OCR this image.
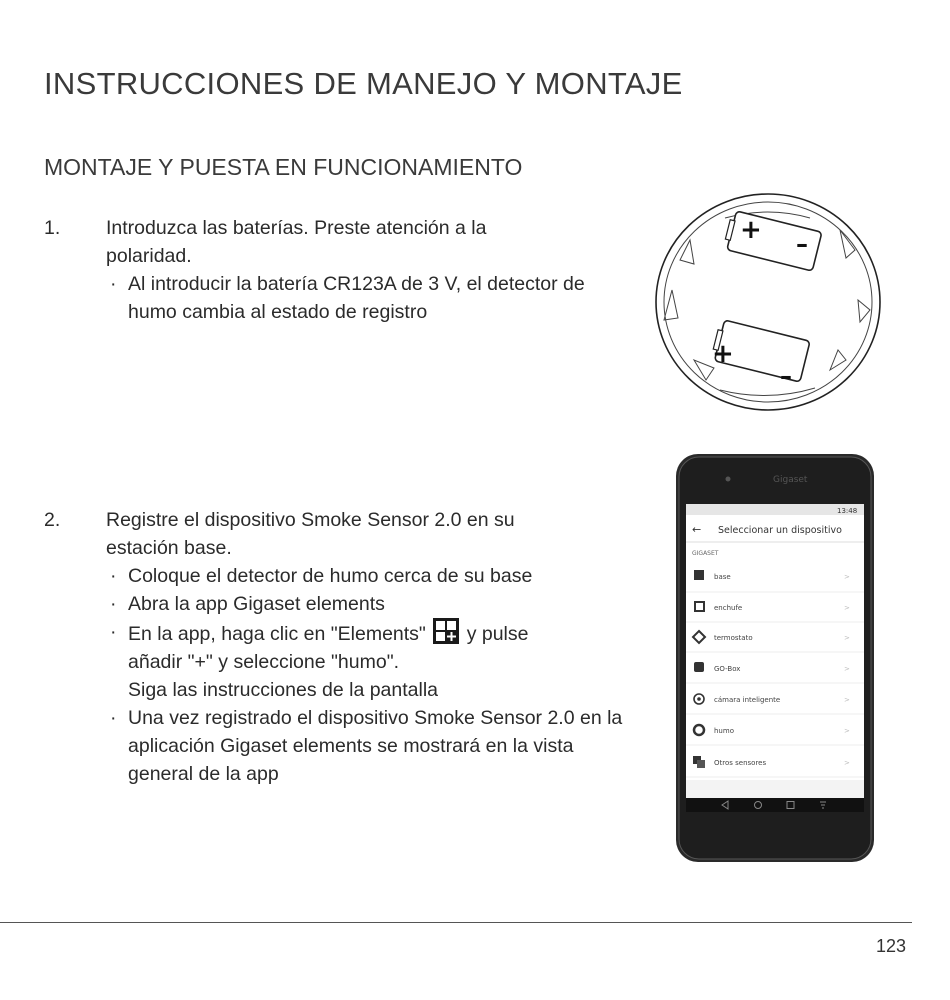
INSTRUCCIONES DE MANEJO Y MONTAJE
MONTAJE Y PUESTA EN FUNCIONAMIENTO
1. Introduzca las baterías. Preste atención a la polaridad.
· Al introducir la batería CR123A de 3 V, el detector de humo cambia al estado de registro
2. Registre el dispositivo Smoke Sensor 2.0 en su estación base.
· Coloque el detector de humo cerca de su base
· Abra la app Gigaset elements
· En la app, haga clic en "Elements" y pulse
añadir "+" y seleccione "humo".
Siga las instrucciones de la pantalla
· Una vez registrado el dispositivo Smoke Sensor 2.0 en la aplicación Gigaset elements se mostrará en la vista general de la app
+ –
+
–
Gigaset
13:48
← Seleccionar un dispositivo
GIGASET
base	>
enchufe	>
termostato	>
GO-Box	>
cámara inteligente	>
humo	>
Otros sensores	>
123
